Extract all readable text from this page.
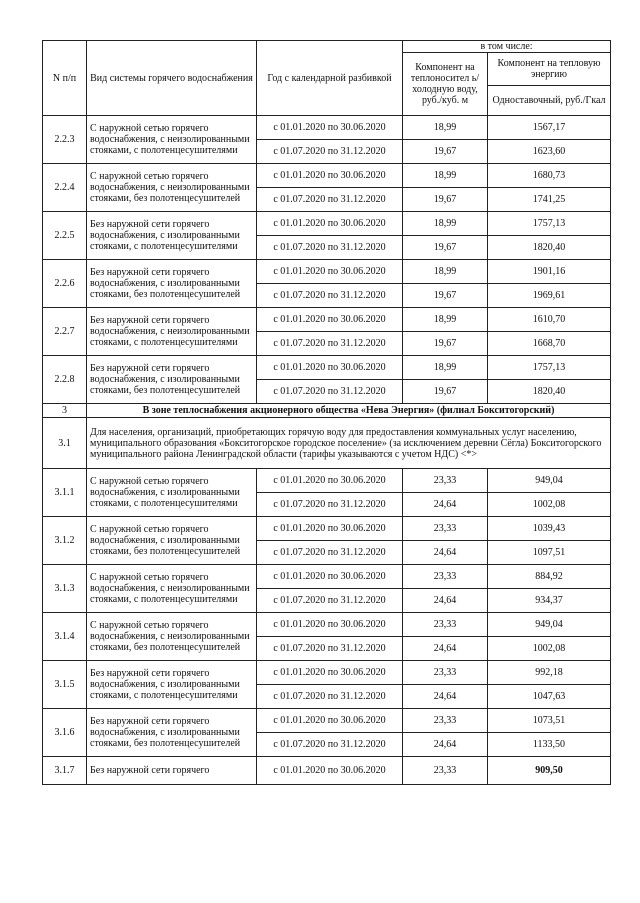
N п/п	Вид системы горячего водоснабжения	Год с календарной разбивкой	в том числе:	
			Компонент на теплоносител ь/холодную воду, руб./куб. м	Компонент на тепловую энергию
				Одноставочный, руб./Гкал
2.2.3	С наружной сетью горячего водоснабжения, с неизолированными стояками, с полотенцесушителями	с 01.01.2020 по 30.06.2020	18,99	1567,17
		с 01.07.2020 по 31.12.2020	19,67	1623,60
2.2.4	С наружной сетью горячего водоснабжения, с неизолированными стояками, без полотенцесушителей	с 01.01.2020 по 30.06.2020	18,99	1680,73
		с 01.07.2020 по 31.12.2020	19,67	1741,25
2.2.5	Без наружной сети горячего водоснабжения, с изолированными стояками, с полотенцесушителями	с 01.01.2020 по 30.06.2020	18,99	1757,13
		с 01.07.2020 по 31.12.2020	19,67	1820,40
2.2.6	Без наружной сети горячего водоснабжения, с изолированными стояками, без полотенцесушителей	с 01.01.2020 по 30.06.2020	18,99	1901,16
		с 01.07.2020 по 31.12.2020	19,67	1969,61
2.2.7	Без наружной сети горячего водоснабжения, с неизолированными стояками, с полотенцесушителями	с 01.01.2020 по 30.06.2020	18,99	1610,70
		с 01.07.2020 по 31.12.2020	19,67	1668,70
2.2.8	Без наружной сети горячего водоснабжения, с изолированными стояками, без полотенцесушителей	с 01.01.2020 по 30.06.2020	18,99	1757,13
		с 01.07.2020 по 31.12.2020	19,67	1820,40
3	В зоне теплоснабжения акционерного общества «Нева Энергия» (филиал Бокситогорский)			
3.1	Для населения, организаций, приобретающих горячую воду для предоставления коммунальных услуг населению, муниципального образования «Бокситогорское городское поселение» (за исключением деревни Сёгла) Бокситогорского муниципального района Ленинградской области (тарифы указываются с учетом НДС) <*>			
3.1.1	С наружной сетью горячего водоснабжения, с изолированными стояками, с полотенцесушителями	с 01.01.2020 по 30.06.2020	23,33	949,04
		с 01.07.2020 по 31.12.2020	24,64	1002,08
3.1.2	С наружной сетью горячего водоснабжения, с изолированными стояками, без полотенцесушителей	с 01.01.2020 по 30.06.2020	23,33	1039,43
		с 01.07.2020 по 31.12.2020	24,64	1097,51
3.1.3	С наружной сетью горячего водоснабжения, с неизолированными стояками, с полотенцесушителями	с 01.01.2020 по 30.06.2020	23,33	884,92
		с 01.07.2020 по 31.12.2020	24,64	934,37
3.1.4	С наружной сетью горячего водоснабжения, с неизолированными стояками, без полотенцесушителей	с 01.01.2020 по 30.06.2020	23,33	949,04
		с 01.07.2020 по 31.12.2020	24,64	1002,08
3.1.5	Без наружной сети горячего водоснабжения, с изолированными стояками, с полотенцесушителями	с 01.01.2020 по 30.06.2020	23,33	992,18
		с 01.07.2020 по 31.12.2020	24,64	1047,63
3.1.6	Без наружной сети горячего водоснабжения, с изолированными стояками, без полотенцесушителей	с 01.01.2020 по 30.06.2020	23,33	1073,51
		с 01.07.2020 по 31.12.2020	24,64	1133,50
3.1.7	Без наружной сети горячего	с 01.01.2020 по 30.06.2020	23,33	909,50
